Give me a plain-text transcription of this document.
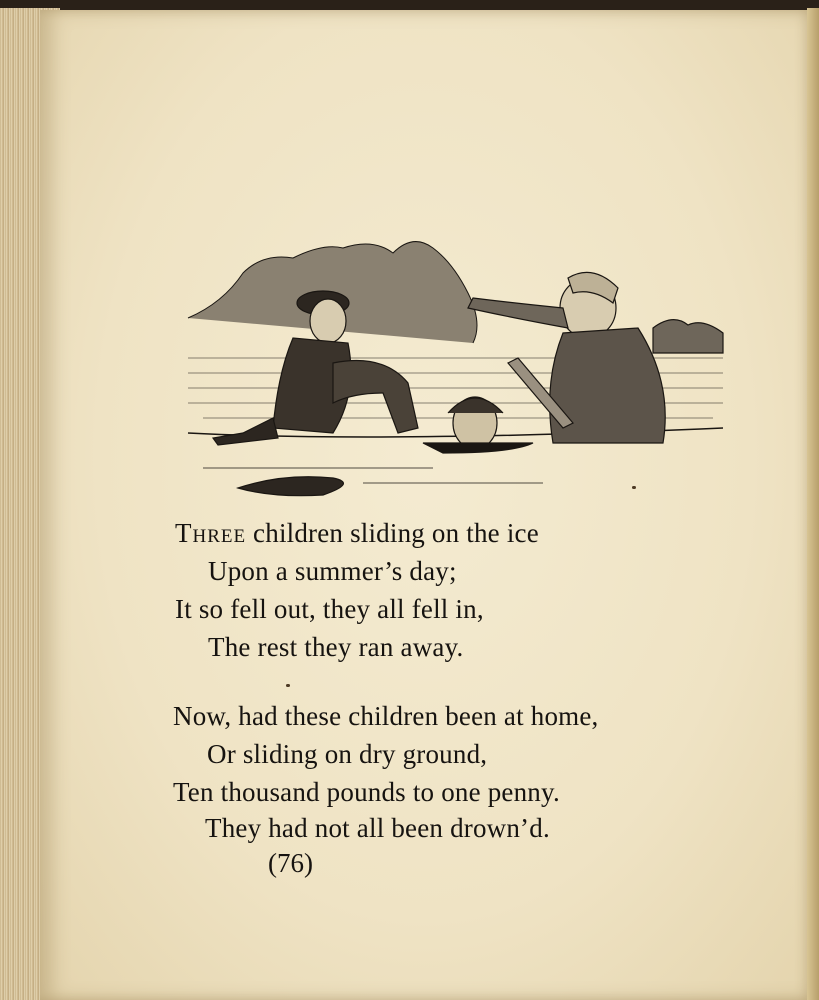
Three children sliding on the ice
Upon a summer’s day;
It so fell out, they all fell in,
The rest they ran away.
Now, had these children been at home,
Or sliding on dry ground,
Ten thousand pounds to one penny.
They had not all been drown’d.
(76)
